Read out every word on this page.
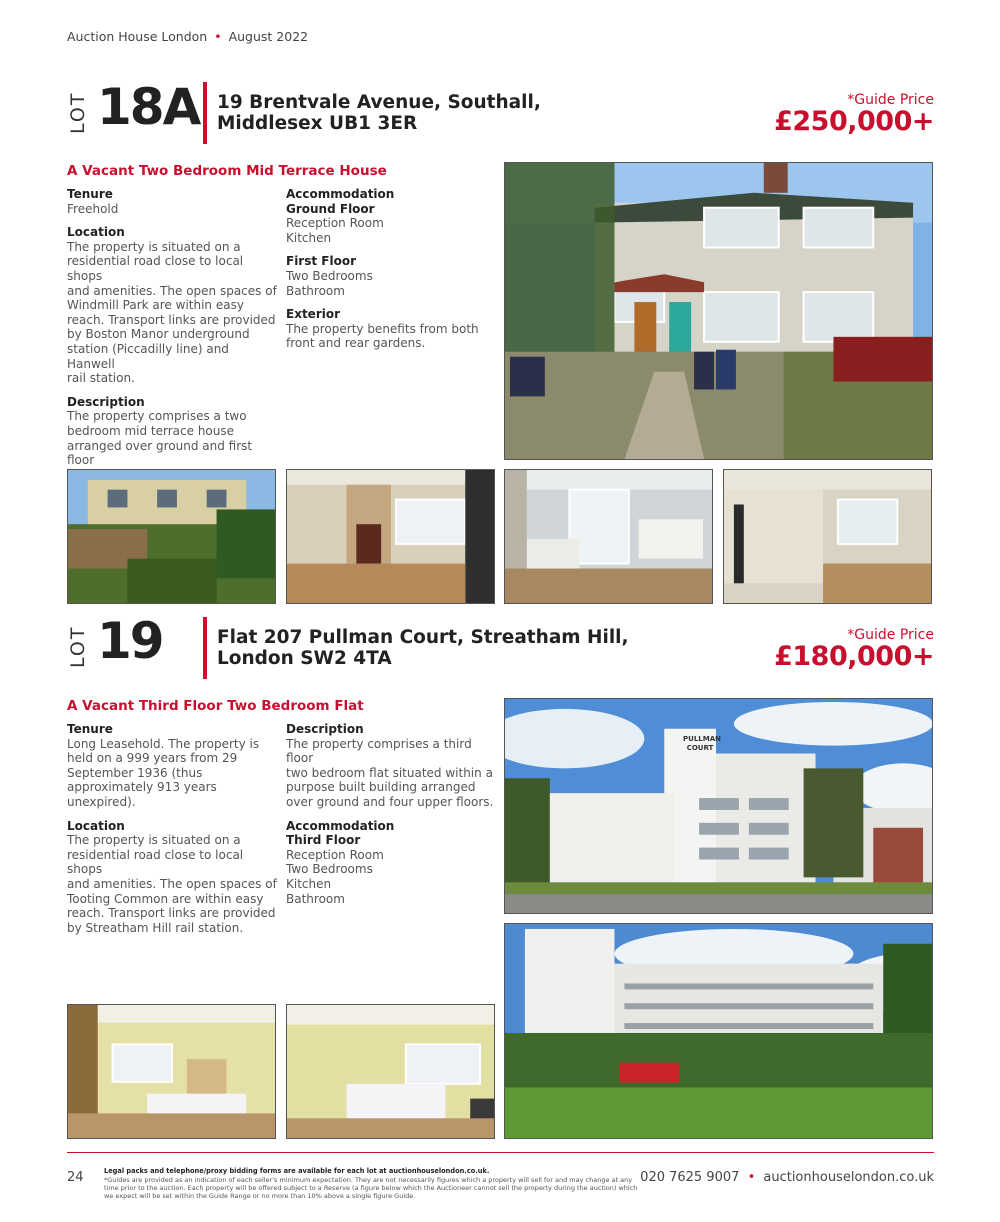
Auction House London • August 2022
LOT 18A 19 Brentvale Avenue, Southall,
Middlesex UB1 3ER
*Guide Price
£250,000+
A Vacant Two Bedroom Mid Terrace House
Tenure

Freehold

Location

The property is situated on a
residential road close to local shops
and amenities. The open spaces of
Windmill Park are within easy
reach. Transport links are provided
by Boston Manor underground
station (Piccadilly line) and Hanwell
rail station.

Description

The property comprises a two
bedroom mid terrace house
arranged over ground and first floor

Accommodation
Ground Floor

Reception Room
Kitchen

First Floor

Two Bedrooms
Bathroom

Exterior

The property benefits from both
front and rear gardens.

LOT 19	Flat 207 Pullman Court, Streatham Hill,
London SW2 4TA
*Guide Price
£180,000+
A Vacant Third Floor Two Bedroom Flat
Tenure

Long Leasehold. The property is
held on a 999 years from 29
September 1936 (thus
approximately 913 years unexpired).

Location

The property is situated on a
residential road close to local shops
and amenities. The open spaces of
Tooting Common are within easy
reach. Transport links are provided
by Streatham Hill rail station.

Description

The property comprises a third floor
two bedroom flat situated within a
purpose built building arranged
over ground and four upper floors.

Accommodation
Third Floor

Reception Room
Two Bedrooms
Kitchen
Bathroom

PULLMAN COURT
24	Legal packs and telephone/proxy bidding forms are available for each lot at auctionhouselondon.co.uk.
*Guides are provided as an indication of each seller's minimum expectation. They are not necessarily figures which a property will sell for and may change at any time prior to the auction. Each property will be offered subject to a Reserve (a figure below which the Auctioneer cannot sell the property during the auction) which we expect will be set within the Guide Range or no more than 10% above a single figure Guide.
020 7625 9007 • auctionhouselondon.co.uk
